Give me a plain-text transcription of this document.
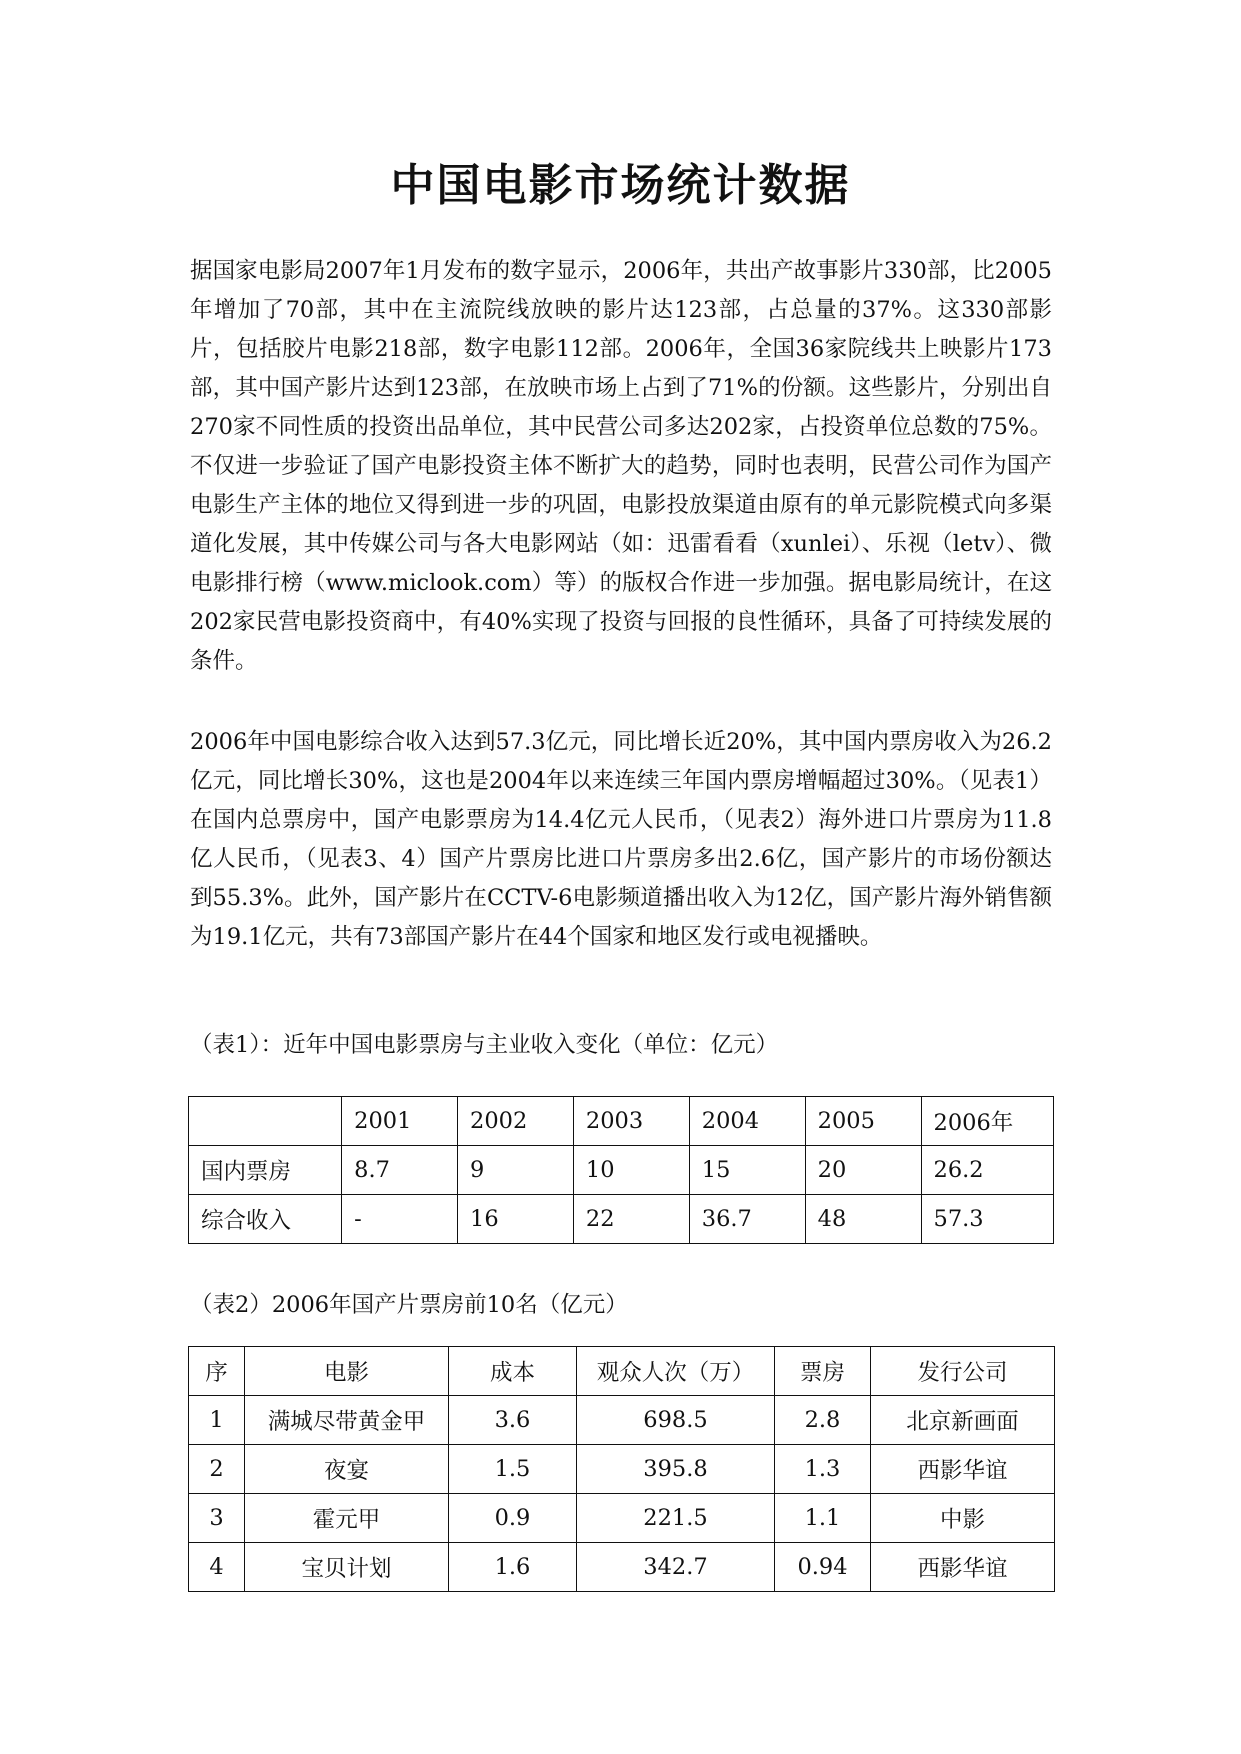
中国电影市场统计数据

据国家电影局2007年1月发布的数字显示，2006年，共出产故事影片330部，比2005年增加了70部，其中在主流院线放映的影片达123部，占总量的37%。这330部影片，包括胶片电影218部，数字电影112部。2006年，全国36家院线共上映影片173部，其中国产影片达到123部，在放映市场上占到了71%的份额。这些影片，分别出自270家不同性质的投资出品单位，其中民营公司多达202家，占投资单位总数的75%。不仅进一步验证了国产电影投资主体不断扩大的趋势，同时也表明，民营公司作为国产电影生产主体的地位又得到进一步的巩固，电影投放渠道由原有的单元影院模式向多渠道化发展，其中传媒公司与各大电影网站（如：迅雷看看（xunlei）、乐视（letv）、微电影排行榜（www.miclook.com）等）的版权合作进一步加强。据电影局统计，在这202家民营电影投资商中，有40%实现了投资与回报的良性循环，具备了可持续发展的条件。

2006年中国电影综合收入达到57.3亿元，同比增长近20%，其中国内票房收入为26.2亿元，同比增长30%，这也是2004年以来连续三年国内票房增幅超过30%。（见表1）在国内总票房中，国产电影票房为14.4亿元人民币，（见表2）海外进口片票房为11.8亿人民币，（见表3、4）国产片票房比进口片票房多出2.6亿，国产影片的市场份额达到55.3%。此外，国产影片在CCTV-6电影频道播出收入为12亿，国产影片海外销售额为19.1亿元，共有73部国产影片在44个国家和地区发行或电视播映。

（表1）：近年中国电影票房与主业收入变化（单位：亿元）

	2001	2002	2003	2004	2005	2006年
国内票房	8.7	9	10	15	20	26.2
综合收入	-	16	22	36.7	48	57.3

（表2）2006年国产片票房前10名（亿元）

序	电影	成本	观众人次（万）	票房	发行公司
1	满城尽带黄金甲	3.6	698.5	2.8	北京新画面
2	夜宴	1.5	395.8	1.3	西影华谊
3	霍元甲	0.9	221.5	1.1	中影
4	宝贝计划	1.6	342.7	0.94	西影华谊
